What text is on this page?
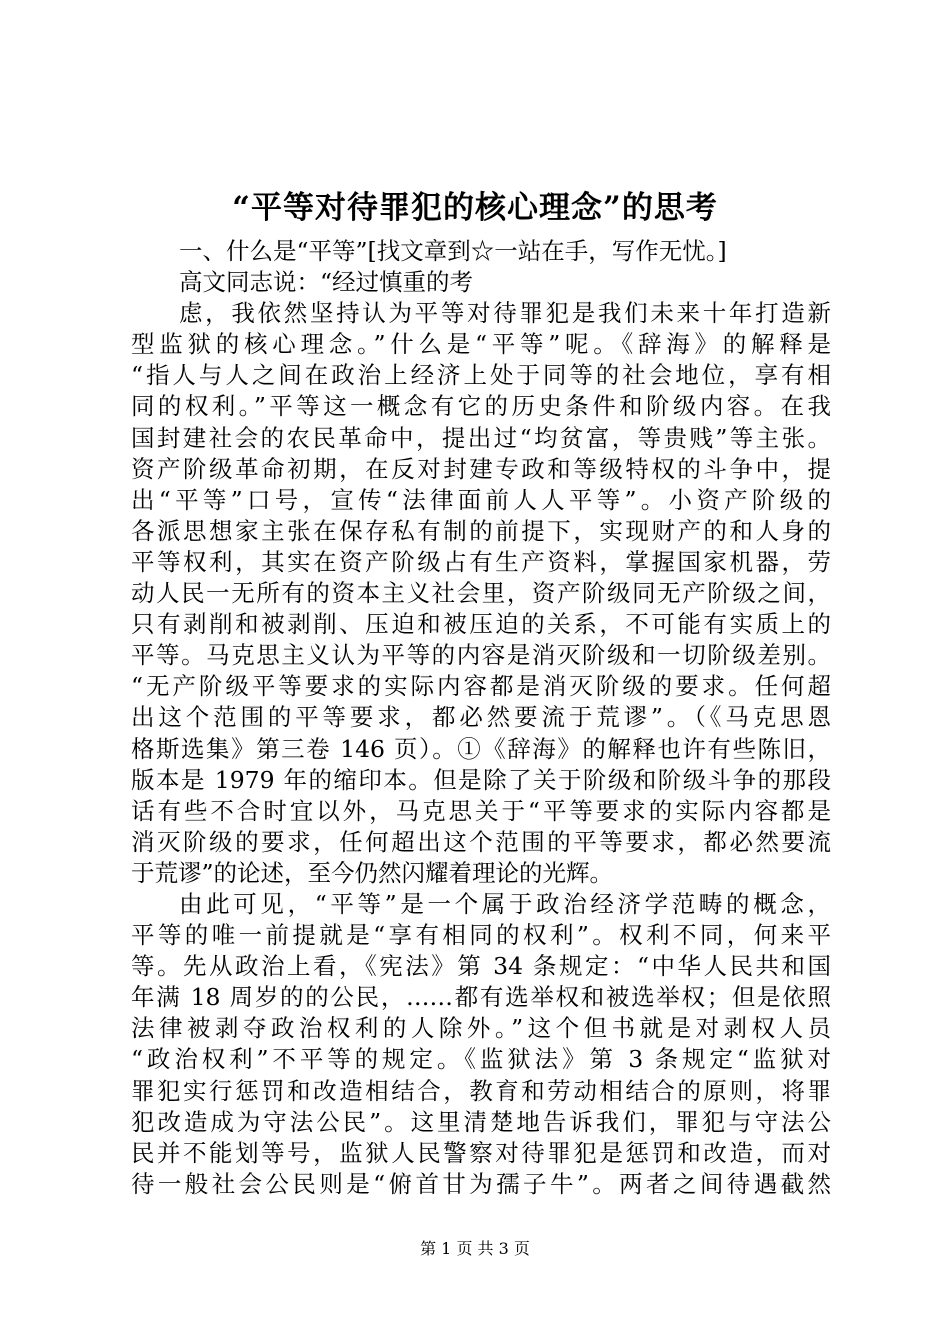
“平等对待罪犯的核心理念”的思考
一、什么是“平等”[找文章到☆一站在手，写作无忧。]
高文同志说：“经过慎重的考
虑，我依然坚持认为平等对待罪犯是我们未来十年打造新
型监狱的核心理念。”什么是“平等”呢。《辞海》的解释是
“指人与人之间在政治上经济上处于同等的社会地位，享有相
同的权利。”平等这一概念有它的历史条件和阶级内容。在我
国封建社会的农民革命中，提出过“均贫富，等贵贱”等主张。
资产阶级革命初期，在反对封建专政和等级特权的斗争中，提
出“平等”口号，宣传“法律面前人人平等”。小资产阶级的
各派思想家主张在保存私有制的前提下，实现财产的和人身的
平等权利，其实在资产阶级占有生产资料，掌握国家机器，劳
动人民一无所有的资本主义社会里，资产阶级同无产阶级之间，
只有剥削和被剥削、压迫和被压迫的关系，不可能有实质上的
平等。马克思主义认为平等的内容是消灭阶级和一切阶级差别。
“无产阶级平等要求的实际内容都是消灭阶级的要求。任何超
出这个范围的平等要求，都必然要流于荒谬”。（《马克思恩
格斯选集》第三卷 146 页）。①《辞海》的解释也许有些陈旧，
版本是 1979 年的缩印本。但是除了关于阶级和阶级斗争的那段
话有些不合时宜以外，马克思关于“平等要求的实际内容都是
消灭阶级的要求，任何超出这个范围的平等要求，都必然要流
于荒谬”的论述，至今仍然闪耀着理论的光辉。
由此可见，“平等”是一个属于政治经济学范畴的概念，
平等的唯一前提就是“享有相同的权利”。权利不同，何来平
等。先从政治上看，《宪法》第 34 条规定：“中华人民共和国
年满 18 周岁的的公民，……都有选举权和被选举权；但是依照
法律被剥夺政治权利的人除外。”这个但书就是对剥权人员
“政治权利”不平等的规定。《监狱法》第 3 条规定“监狱对
罪犯实行惩罚和改造相结合，教育和劳动相结合的原则，将罪
犯改造成为守法公民”。这里清楚地告诉我们，罪犯与守法公
民并不能划等号，监狱人民警察对待罪犯是惩罚和改造，而对
待一般社会公民则是“俯首甘为孺子牛”。两者之间待遇截然
第 1 页 共 3 页
